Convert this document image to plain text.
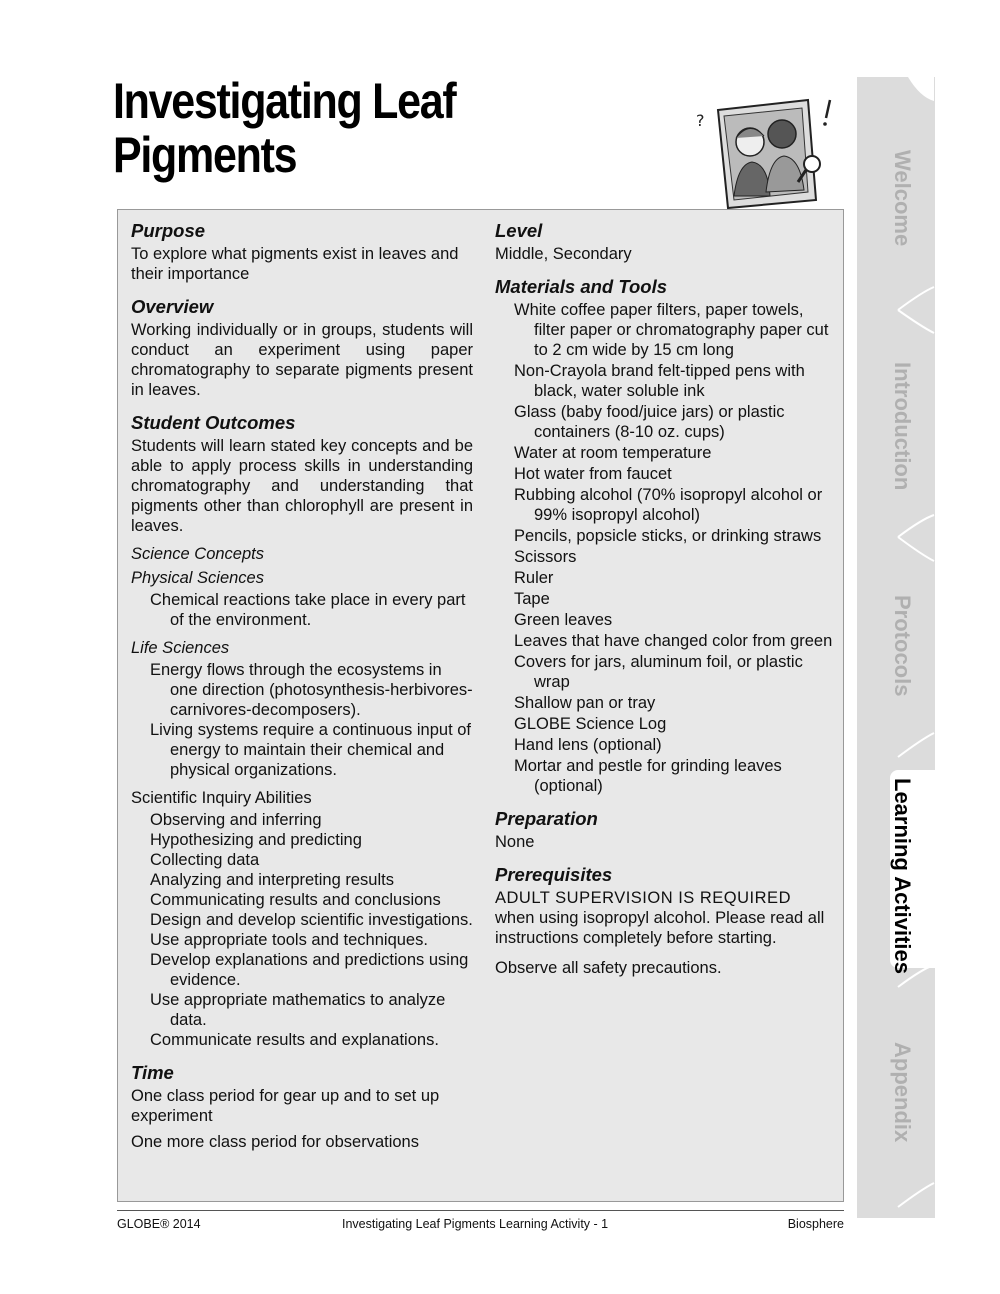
Investigating Leaf
Pigments
?
Purpose

To explore what pigments exist in leaves and their importance

Overview

Working individually or in groups, students will conduct an experiment using paper chromatography to separate pigments present in leaves.

Student Outcomes

Students will learn stated key concepts and be able to apply process skills in understanding chromatography and understanding that pigments other than chlorophyll are present in leaves.

Science Concepts
Physical Sciences
Chemical reactions take place in every part of the environment.
Life Sciences
Energy flows through the ecosystems in one direction (photosynthesis-herbivores-carnivores-decomposers).
Living systems require a continuous input of energy to maintain their chemical and physical organizations.
Scientific Inquiry Abilities
Observing and inferring
Hypothesizing and predicting
Collecting data
Analyzing and interpreting results
Communicating results and conclusions
Design and develop scientific investigations.
Use appropriate tools and techniques.
Develop explanations and predictions using evidence.
Use appropriate mathematics to analyze data.
Communicate results and explanations.
Time

One class period for gear up and to set up experiment

One more class period for observations

Level

Middle, Secondary

Materials and Tools
White coffee paper filters, paper towels, filter paper or chromatography paper cut to 2 cm wide by 15 cm long
Non-Crayola brand felt-tipped pens with black, water soluble ink
Glass (baby food/juice jars) or plastic containers (8-10 oz. cups)
Water at room temperature
Hot water from faucet
Rubbing alcohol (70% isopropyl alcohol or 99% isopropyl alcohol)
Pencils, popsicle sticks, or drinking straws
Scissors
Ruler
Tape
Green leaves
Leaves that have changed color from green
Covers for jars, aluminum foil, or plastic wrap
Shallow pan or tray
GLOBE Science Log
Hand lens (optional)
Mortar and pestle for grinding leaves (optional)
Preparation

None

Prerequisites

ADULT SUPERVISION IS REQUIRED

when using isopropyl alcohol. Please read all instructions completely before starting.

Observe all safety precautions.

Welcome
Introduction
Protocols
Learning Activities
Appendix
GLOBE® 2014	Investigating Leaf Pigments Learning Activity - 1	Biosphere
